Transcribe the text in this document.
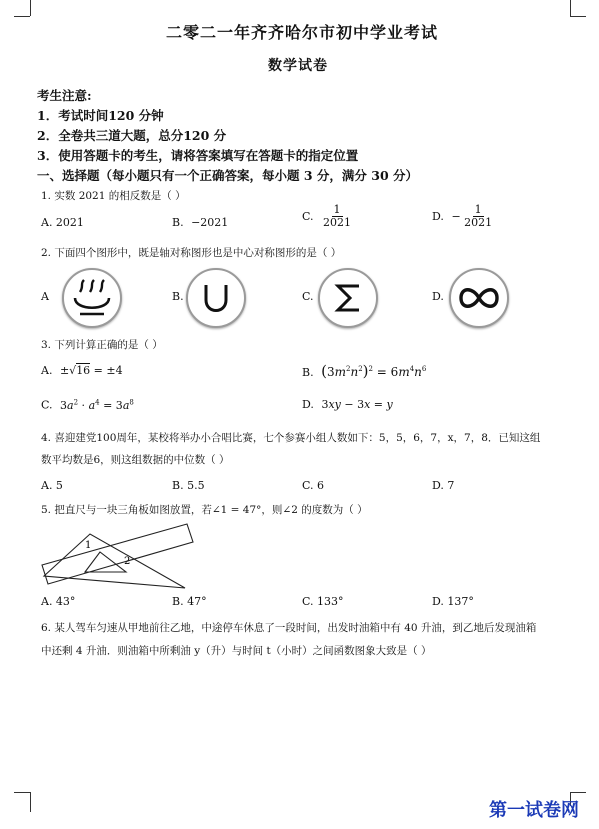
二零二一年齐齐哈尔市初中学业考试
数学试卷
考生注意:
1．考试时间120 分钟
2．全卷共三道大题，总分120 分
3．使用答题卡的考生，请将答案填写在答题卡的指定位置
一、选择题（每小题只有一个正确答案，每小题 3 分，满分 30 分）
1. 实数 2021 的相反数是（ ）
A. 2021	B. −2021	C. $\frac{1}{2021}$	D. − $\frac{1}{2021}$
2. 下面四个图形中，既是轴对称图形也是中心对称图形的是（ ）
A	B.	C.	D.
3. 下列计算正确的是（ ）
A. ±√16 = ±4	B. $(3m^2n^2)^2 = 6m^4n^6$
C. $3a^2 \cdot a^4 = 3a^8$	D. 3xy − 3x = y
4. 喜迎建党100周年，某校将举办小合唱比赛，七个参赛小组人数如下：5，5，6，7，x，7，8．已知这组
数平均数是6，则这组数据的中位数（ ）
A. 5	B. 5.5	C. 6	D. 7
5. 把直尺与一块三角板如图放置，若∠1 = 47°，则∠2 的度数为（ ）
1
2
A. 43°	B. 47°	C. 133°	D. 137°
6. 某人驾车匀速从甲地前往乙地，中途停车休息了一段时间，出发时油箱中有 40 升油，到乙地后发现油箱
中还剩 4 升油．则油箱中所剩油 y（升）与时间 t（小时）之间函数图象大致是（ ）
第一试卷网
